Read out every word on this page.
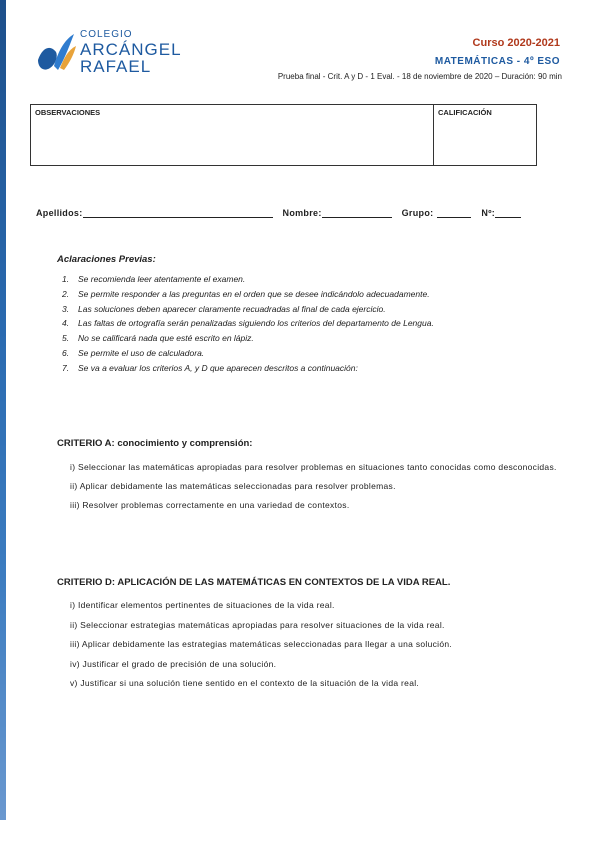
COLEGIO
ARCÁNGEL
RAFAEL
Curso 2020-2021
MATEMÁTICAS - 4º ESO
Prueba final - Crit. A y D - 1 Eval. - 18 de noviembre de 2020 – Duración: 90 min
OBSERVACIONES	CALIFICACIÓN
Apellidos:	Nombre:	Grupo:	Nº:
Aclaraciones Previas:
1.	Se recomienda leer atentamente el examen.
2.	Se permite responder a las preguntas en el orden que se desee indicándolo adecuadamente.
3.	Las soluciones deben aparecer claramente recuadradas al final de cada ejercicio.
4.	Las faltas de ortografía serán penalizadas siguiendo los criterios del departamento de Lengua.
5.	No se calificará nada que esté escrito en lápiz.
6.	Se permite el uso de calculadora.
7.	Se va a evaluar los criterios A, y D que aparecen descritos a continuación:
CRITERIO A: conocimiento y comprensión:
i) Seleccionar las matemáticas apropiadas para resolver problemas en situaciones tanto conocidas como desconocidas.
ii) Aplicar debidamente las matemáticas seleccionadas para resolver problemas.
iii) Resolver problemas correctamente en una variedad de contextos.
CRITERIO D: APLICACIÓN DE LAS MATEMÁTICAS EN CONTEXTOS DE LA VIDA REAL.
i) Identificar elementos pertinentes de situaciones de la vida real.
ii) Seleccionar estrategias matemáticas apropiadas para resolver situaciones de la vida real.
iii) Aplicar debidamente las estrategias matemáticas seleccionadas para llegar a una solución.
iv) Justificar el grado de precisión de una solución.
v) Justificar si una solución tiene sentido en el contexto de la situación de la vida real.
